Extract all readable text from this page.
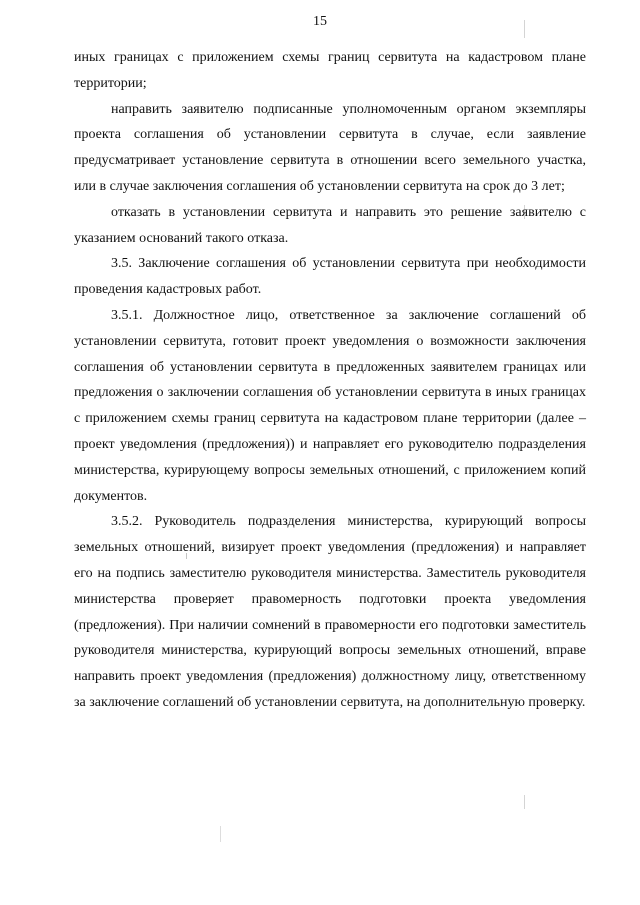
15

иных границах с приложением схемы границ сервитута на кадастровом плане территории;

направить заявителю подписанные уполномоченным органом экземпляры проекта соглашения об установлении сервитута в случае, если заявление предусматривает установление сервитута в отношении всего земельного участка, или в случае заключения соглашения об установлении сервитута на срок до 3 лет;

отказать в установлении сервитута и направить это решение заявителю с указанием оснований такого отказа.

3.5. Заключение соглашения об установлении сервитута при необходимости проведения кадастровых работ.

3.5.1. Должностное лицо, ответственное за заключение соглашений об установлении сервитута, готовит проект уведомления о возможности заключения соглашения об установлении сервитута в предложенных заявителем границах или предложения о заключении соглашения об установлении сервитута в иных границах с приложением схемы границ сервитута на кадастровом плане территории (далее – проект уведомления (предложения)) и направляет его руководителю подразделения министерства, курирующему вопросы земельных отношений, с приложением копий документов.

3.5.2. Руководитель подразделения министерства, курирующий вопросы земельных отношений, визирует проект уведомления (предложения) и направляет его на подпись заместителю руководителя министерства. Заместитель руководителя министерства проверяет правомерность подготовки проекта уведомления (предложения). При наличии сомнений в правомерности его подготовки заместитель руководителя министерства, курирующий вопросы земельных отношений, вправе направить проект уведомления (предложения) должностному лицу, ответственному за заключение соглашений об установлении сервитута, на дополнительную проверку.
